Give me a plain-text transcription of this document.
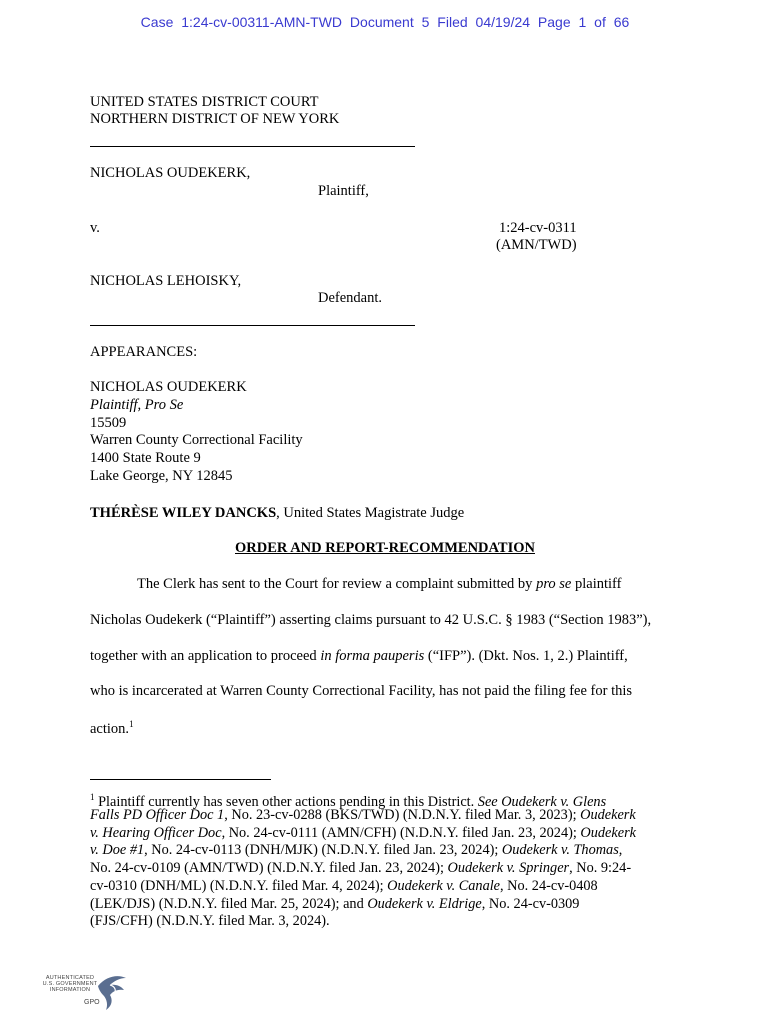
Case 1:24-cv-00311-AMN-TWD Document 5 Filed 04/19/24 Page 1 of 66
UNITED STATES DISTRICT COURT
NORTHERN DISTRICT OF NEW YORK
NICHOLAS OUDEKERK,
Plaintiff,
v.	1:24-cv-0311
(AMN/TWD)
NICHOLAS LEHOISKY,
Defendant.
APPEARANCES:
NICHOLAS OUDEKERK
Plaintiff, Pro Se
15509
Warren County Correctional Facility
1400 State Route 9
Lake George, NY 12845
THÉRÈSE WILEY DANCKS, United States Magistrate Judge
ORDER AND REPORT-RECOMMENDATION
The Clerk has sent to the Court for review a complaint submitted by pro se plaintiff
Nicholas Oudekerk (“Plaintiff”) asserting claims pursuant to 42 U.S.C. § 1983 (“Section 1983”),
together with an application to proceed in forma pauperis (“IFP”). (Dkt. Nos. 1, 2.) Plaintiff,
who is incarcerated at Warren County Correctional Facility, has not paid the filing fee for this
action.$^1$
$^1$ Plaintiff currently has seven other actions pending in this District. See Oudekerk v. Glens
Falls PD Officer Doc 1, No. 23-cv-0288 (BKS/TWD) (N.D.N.Y. filed Mar. 3, 2023); Oudekerk
v. Hearing Officer Doc, No. 24-cv-0111 (AMN/CFH) (N.D.N.Y. filed Jan. 23, 2024); Oudekerk
v. Doe #1, No. 24-cv-0113 (DNH/MJK) (N.D.N.Y. filed Jan. 23, 2024); Oudekerk v. Thomas,
No. 24-cv-0109 (AMN/TWD) (N.D.N.Y. filed Jan. 23, 2024); Oudekerk v. Springer, No. 9:24-
cv-0310 (DNH/ML) (N.D.N.Y. filed Mar. 4, 2024); Oudekerk v. Canale, No. 24-cv-0408
(LEK/DJS) (N.D.N.Y. filed Mar. 25, 2024); and Oudekerk v. Eldrige, No. 24-cv-0309
(FJS/CFH) (N.D.N.Y. filed Mar. 3, 2024).
AUTHENTICATED U.S. GOVERNMENT INFORMATION
GPO
